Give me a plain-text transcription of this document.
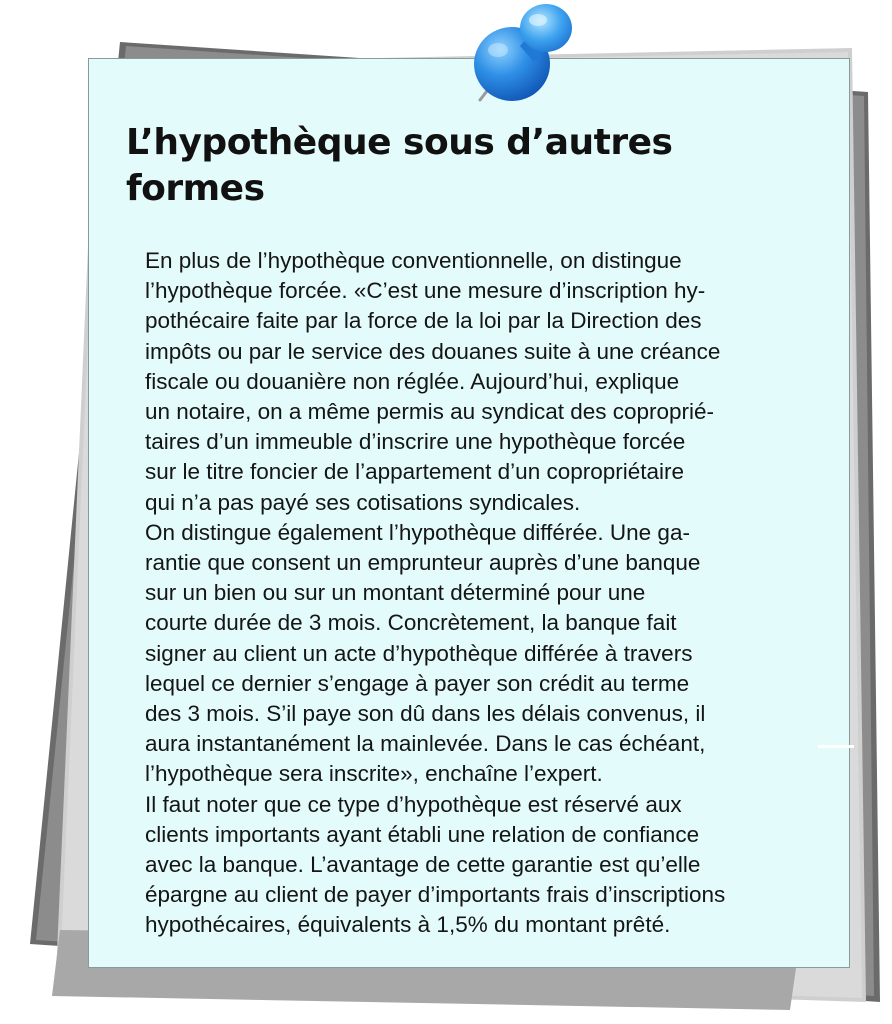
L’hypothèque sous d’autres
formes
En plus de l’hypothèque conventionnelle, on distingue
l’hypothèque forcée. «C’est une mesure d’inscription hy-
pothécaire faite par la force de la loi par la Direction des
impôts ou par le service des douanes suite à une créance
fiscale ou douanière non réglée. Aujourd’hui, explique
un notaire, on a même permis au syndicat des coproprié-
taires d’un immeuble d’inscrire une hypothèque forcée
sur le titre foncier de l’appartement d’un copropriétaire
qui n’a pas payé ses cotisations syndicales.
On distingue également l’hypothèque différée. Une ga-
rantie que consent un emprunteur auprès d’une banque
sur un bien ou sur un montant déterminé pour une
courte durée de 3 mois. Concrètement, la banque fait
signer au client un acte d’hypothèque différée à travers
lequel ce dernier s’engage à payer son crédit au terme
des 3 mois. S’il paye son dû dans les délais convenus, il
aura instantanément la mainlevée. Dans le cas échéant,
l’hypothèque sera inscrite», enchaîne l’expert.
Il faut noter que ce type d’hypothèque est réservé aux
clients importants ayant établi une relation de confiance
avec la banque. L’avantage de cette garantie est qu’elle
épargne au client de payer d’importants frais d’inscriptions
hypothécaires, équivalents à 1,5% du montant prêté.
